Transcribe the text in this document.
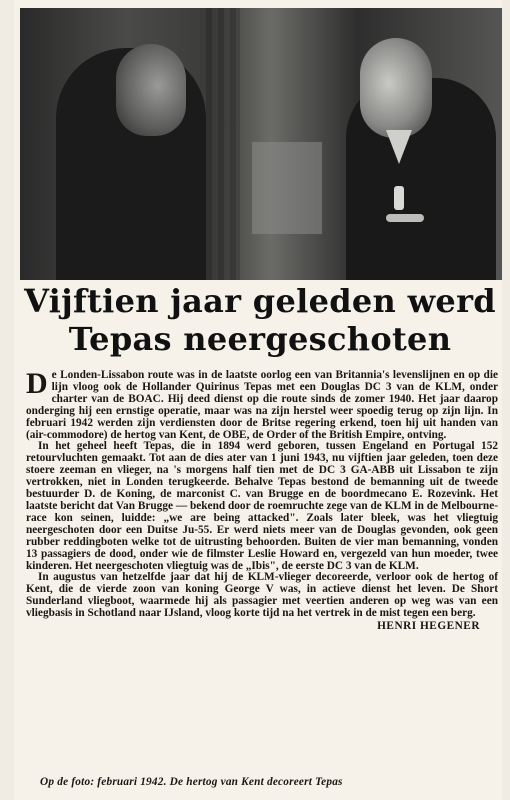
Vijftien jaar geleden werd
Tepas neergeschoten

De Londen-Lissabon route was in de laatste oorlog een van Britannia's levenslijnen en op die lijn vloog ook de Hollander Quirinus Tepas met een Douglas DC 3 van de KLM, onder charter van de BOAC. Hij deed dienst op die route sinds de zomer 1940. Het jaar daarop onderging hij een ernstige operatie, maar was na zijn herstel weer spoedig terug op zijn lijn. In februari 1942 werden zijn verdiensten door de Britse regering erkend, toen hij uit handen van (air-commodore) de hertog van Kent, de OBE, de Order of the British Empire, ontving.

In het geheel heeft Tepas, die in 1894 werd geboren, tussen Engeland en Portugal 152 retourvluchten gemaakt. Tot aan de dies ater van 1 juni 1943, nu vijftien jaar geleden, toen deze stoere zeeman en vlieger, na 's morgens half tien met de DC 3 GA-ABB uit Lissabon te zijn vertrokken, niet in Londen terugkeerde. Behalve Tepas bestond de bemanning uit de tweede bestuurder D. de Koning, de marconist C. van Brugge en de boordmecano E. Rozevink. Het laatste bericht dat Van Brugge — bekend door de roemruchte zege van de KLM in de Melbourne-race kon seinen, luidde: „we are being attacked". Zoals later bleek, was het vliegtuig neergeschoten door een Duitse Ju-55. Er werd niets meer van de Douglas gevonden, ook geen rubber reddingboten welke tot de uitrusting behoorden. Buiten de vier man bemanning, vonden 13 passagiers de dood, onder wie de filmster Leslie Howard en, vergezeld van hun moeder, twee kinderen. Het neergeschoten vliegtuig was de „Ibis", de eerste DC 3 van de KLM.

In augustus van hetzelfde jaar dat hij de KLM-vlieger decoreerde, verloor ook de hertog of Kent, die de vierde zoon van koning George V was, in actieve dienst het leven. De Short Sunderland vliegboot, waarmede hij als passagier met veertien anderen op weg was van een vliegbasis in Schotland naar IJsland, vloog korte tijd na het vertrek in de mist tegen een berg.

HENRI HEGENER
Op de foto: februari 1942. De hertog van Kent decoreert Tepas
